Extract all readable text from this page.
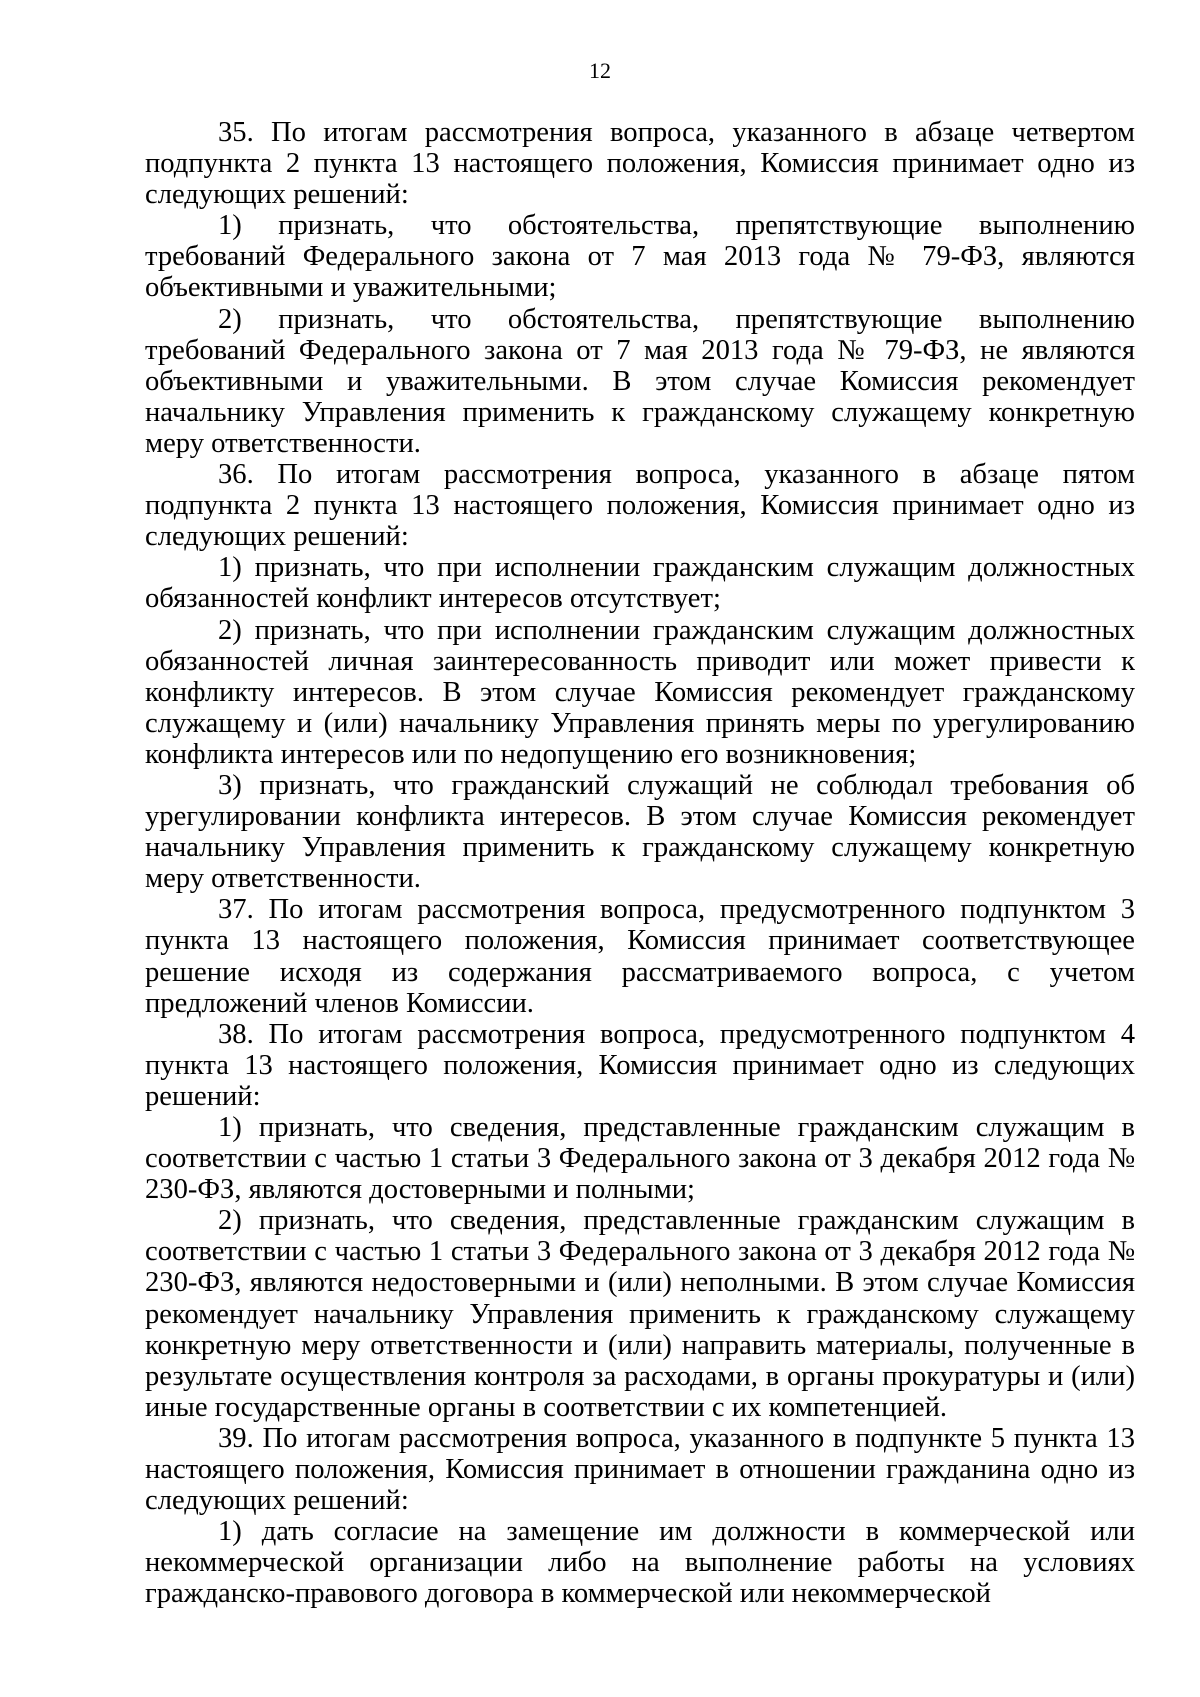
12

35. По итогам рассмотрения вопроса, указанного в абзаце четвертом подпункта 2 пункта 13 настоящего положения, Комиссия принимает одно из следующих решений:

1) признать, что обстоятельства, препятствующие выполнению требований Федерального закона от 7 мая 2013 года № 79-ФЗ, являются объективными и уважительными;

2) признать, что обстоятельства, препятствующие выполнению требований Федерального закона от 7 мая 2013 года № 79-ФЗ, не являются объективными и уважительными. В этом случае Комиссия рекомендует начальнику Управления применить к гражданскому служащему конкретную меру ответственности.

36. По итогам рассмотрения вопроса, указанного в абзаце пятом подпункта 2 пункта 13 настоящего положения, Комиссия принимает одно из следующих решений:

1) признать, что при исполнении гражданским служащим должностных обязанностей конфликт интересов отсутствует;

2) признать, что при исполнении гражданским служащим должностных обязанностей личная заинтересованность приводит или может привести к конфликту интересов. В этом случае Комиссия рекомендует гражданскому служащему и (или) начальнику Управления принять меры по урегулированию конфликта интересов или по недопущению его возникновения;

3) признать, что гражданский служащий не соблюдал требования об урегулировании конфликта интересов. В этом случае Комиссия рекомендует начальнику Управления применить к гражданскому служащему конкретную меру ответственности.

37. По итогам рассмотрения вопроса, предусмотренного подпунктом 3 пункта 13 настоящего положения, Комиссия принимает соответствующее решение исходя из содержания рассматриваемого вопроса, с учетом предложений членов Комиссии.

38. По итогам рассмотрения вопроса, предусмотренного подпунктом 4 пункта 13 настоящего положения, Комиссия принимает одно из следующих решений:

1) признать, что сведения, представленные гражданским служащим в соответствии с частью 1 статьи 3 Федерального закона от 3 декабря 2012 года № 230-ФЗ, являются достоверными и полными;

2) признать, что сведения, представленные гражданским служащим в соответствии с частью 1 статьи 3 Федерального закона от 3 декабря 2012 года № 230-ФЗ, являются недостоверными и (или) неполными. В этом случае Комиссия рекомендует начальнику Управления применить к гражданскому служащему конкретную меру ответственности и (или) направить материалы, полученные в результате осуществления контроля за расходами, в органы прокуратуры и (или) иные государственные органы в соответствии с их компетенцией.

39. По итогам рассмотрения вопроса, указанного в подпункте 5 пункта 13 настоящего положения, Комиссия принимает в отношении гражданина одно из следующих решений:

1) дать согласие на замещение им должности в коммерческой или некоммерческой организации либо на выполнение работы на условиях гражданско-правового договора в коммерческой или некоммерческой
